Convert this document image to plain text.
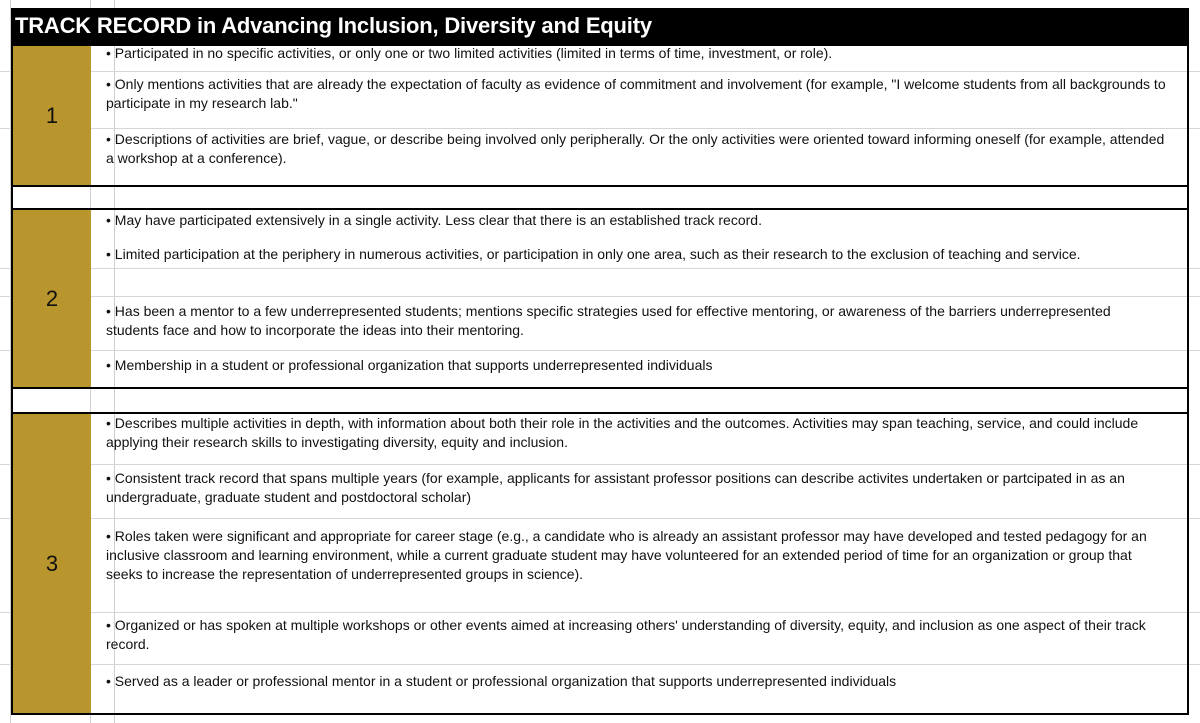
TRACK RECORD in Advancing Inclusion, Diversity and Equity
1
• Participated in no specific activities, or only one or two limited activities (limited in terms of time, investment, or role).
• Only mentions activities that are already the expectation of faculty as evidence of commitment and involvement (for example, "I welcome students from all backgrounds to participate in my research lab."
• Descriptions of activities are brief, vague, or describe being involved only peripherally. Or the only activities were oriented toward informing oneself (for example, attended a workshop at a conference).
2
• May have participated extensively in a single activity. Less clear that there is an established track record.
• Limited participation at the periphery in numerous activities, or participation in only one area, such as their research to the exclusion of teaching and service.
• Has been a mentor to a few underrepresented students; mentions specific strategies used for effective mentoring, or awareness of the barriers underrepresented students face and how to incorporate the ideas into their mentoring.
• Membership in a student or professional organization that supports underrepresented individuals
3
• Describes multiple activities in depth, with information about both their role in the activities and the outcomes. Activities may span teaching, service, and could include applying their research skills to investigating diversity, equity and inclusion.
• Consistent track record that spans multiple years (for example, applicants for assistant professor positions can describe activites undertaken or partcipated in as an undergraduate, graduate student and postdoctoral scholar)
• Roles taken were significant and appropriate for career stage (e.g., a candidate who is already an assistant professor may have developed and tested pedagogy for an inclusive classroom and learning environment, while a current graduate student may have volunteered for an extended period of time for an organization or group that seeks to increase the representation of underrepresented groups in science).
• Organized or has spoken at multiple workshops or other events aimed at increasing others' understanding of diversity, equity, and inclusion as one aspect of their track record.
• Served as a leader or professional mentor in a student or professional organization that supports underrepresented individuals
